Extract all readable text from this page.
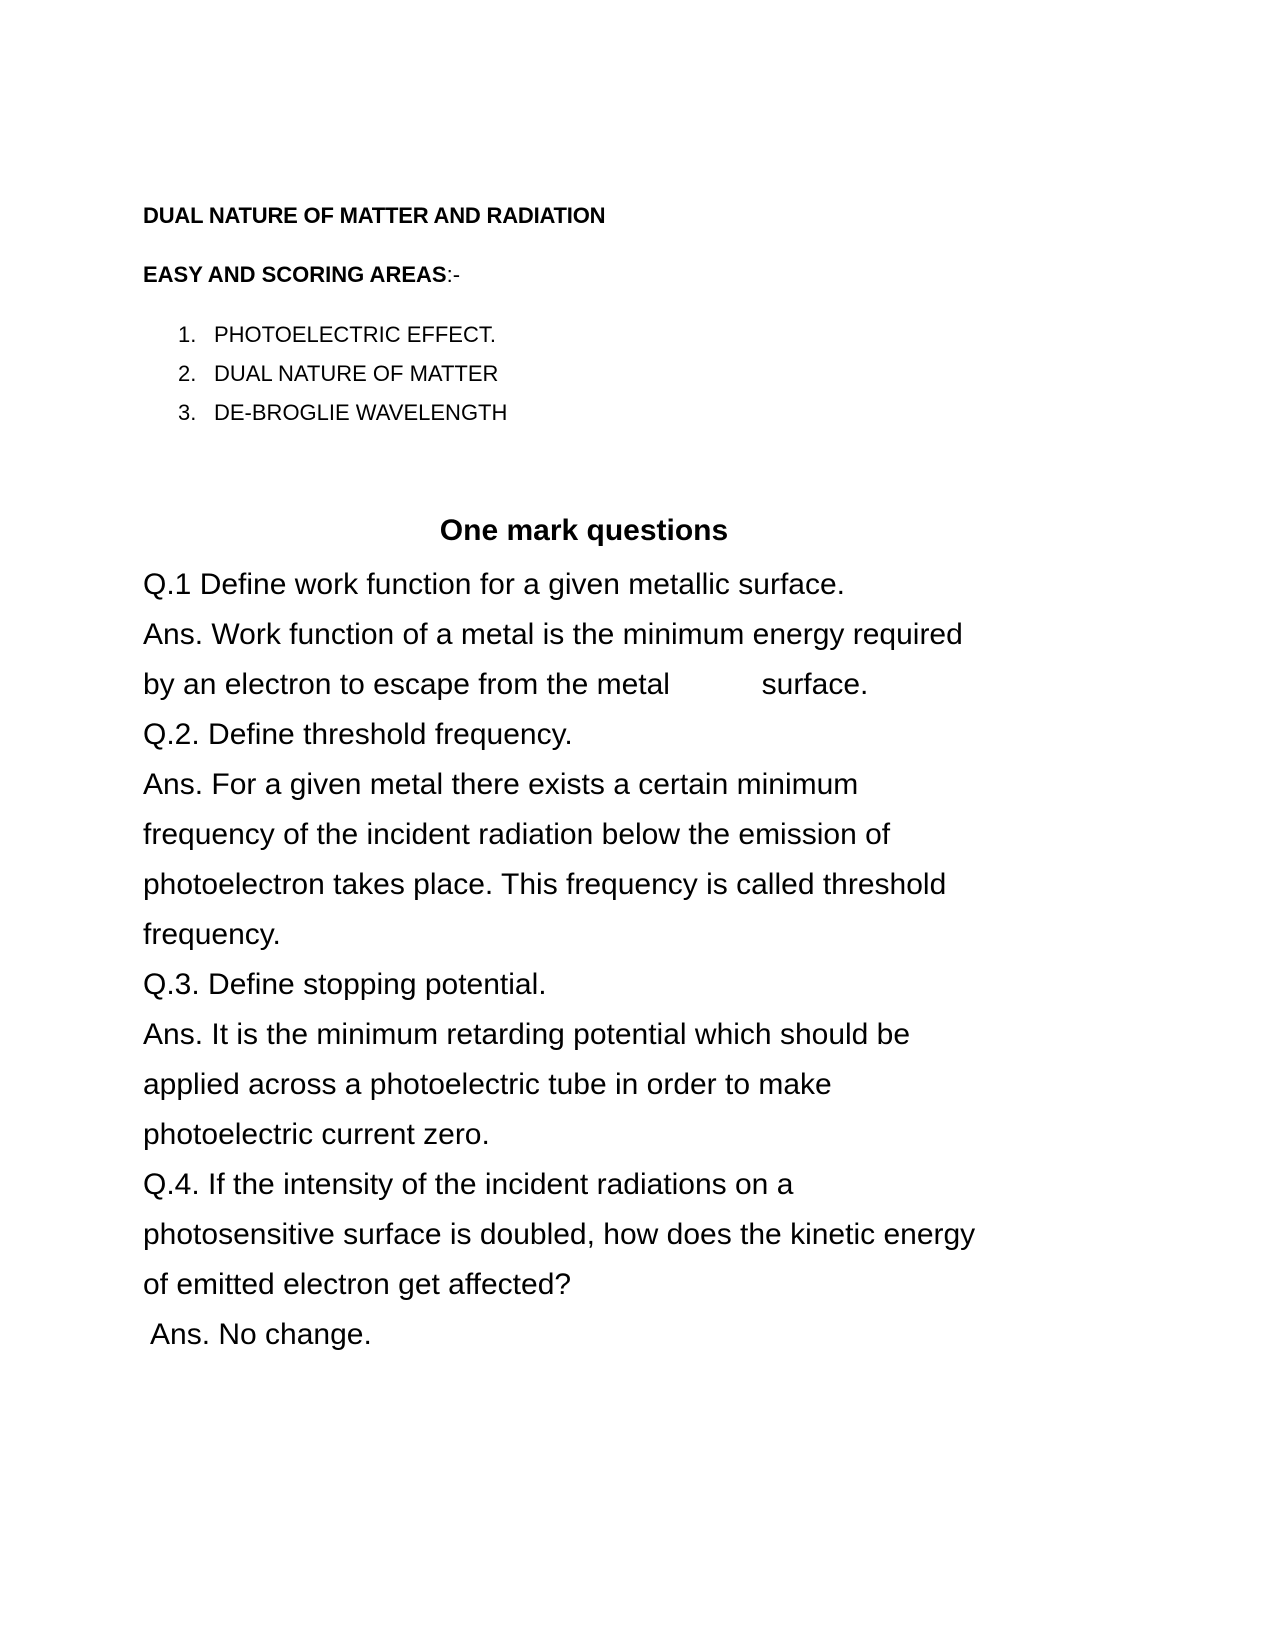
DUAL NATURE OF MATTER AND RADIATION
EASY AND SCORING AREAS:-
1. PHOTOELECTRIC EFFECT.
2. DUAL NATURE OF MATTER
3. DE-BROGLIE WAVELENGTH
One mark questions
Q.1 Define work function for a given metallic surface.
Ans. Work function of a metal is the minimum energy required
by an electron to escape from the metal           surface.
Q.2. Define threshold frequency.
Ans. For a given metal there exists a certain minimum
frequency of the incident radiation below the emission of
photoelectron takes place. This frequency is called threshold
frequency.
Q.3. Define stopping potential.
Ans. It is the minimum retarding potential which should be
applied across a photoelectric tube in order to make
photoelectric current zero.
Q.4. If the intensity of the incident radiations on a
photosensitive surface is doubled, how does the kinetic energy
of emitted electron get affected?
Ans. No change.
